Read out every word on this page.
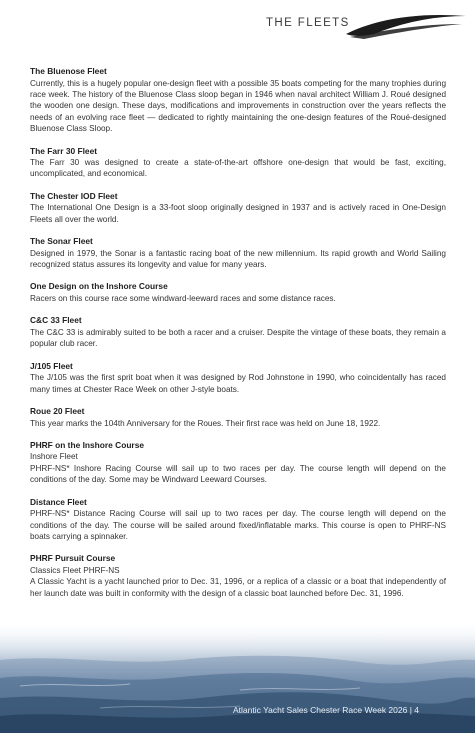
THE FLEETS
The Bluenose Fleet
Currently, this is a hugely popular one-design fleet with a possible 35 boats competing for the many trophies during race week. The history of the Bluenose Class sloop began in 1946 when naval architect William J. Roué designed the wooden one design. These days, modifications and improvements in construction over the years reflects the needs of an evolving race fleet — dedicated to rightly maintaining the one-design features of the Roué-designed Bluenose Class Sloop.
The Farr 30 Fleet
The Farr 30 was designed to create a state-of-the-art offshore one-design that would be fast, exciting, uncomplicated, and economical.
The Chester IOD Fleet
The International One Design is a 33-foot sloop originally designed in 1937 and is actively raced in One-Design Fleets all over the world.
The Sonar Fleet
Designed in 1979, the Sonar is a fantastic racing boat of the new millennium. Its rapid growth and World Sailing recognized status assures its longevity and value for many years.
One Design on the Inshore Course
Racers on this course race some windward-leeward races and some distance races.
C&C 33 Fleet
The C&C 33 is admirably suited to be both a racer and a cruiser. Despite the vintage of these boats, they remain a popular club racer.
J/105 Fleet
The J/105 was the first sprit boat when it was designed by Rod Johnstone in 1990, who coincidentally has raced many times at Chester Race Week on other J-style boats.
Roue 20 Fleet
This year marks the 104th Anniversary for the Roues. Their first race was held on June 18, 1922.
PHRF on the Inshore Course
Inshore Fleet
PHRF-NS* Inshore Racing Course will sail up to two races per day. The course length will depend on the conditions of the day. Some may be Windward Leeward Courses.
Distance Fleet
PHRF-NS* Distance Racing Course will sail up to two races per day. The course length will depend on the conditions of the day. The course will be sailed around fixed/inflatable marks. This course is open to PHRF-NS boats carrying a spinnaker.
PHRF Pursuit Course
Classics Fleet PHRF-NS
A Classic Yacht is a yacht launched prior to Dec. 31, 1996, or a replica of a classic or a boat that independently of her launch date was built in conformity with the design of a classic boat launched before Dec. 31, 1996.
Atlantic Yacht Sales Chester Race Week 2026 | 4
